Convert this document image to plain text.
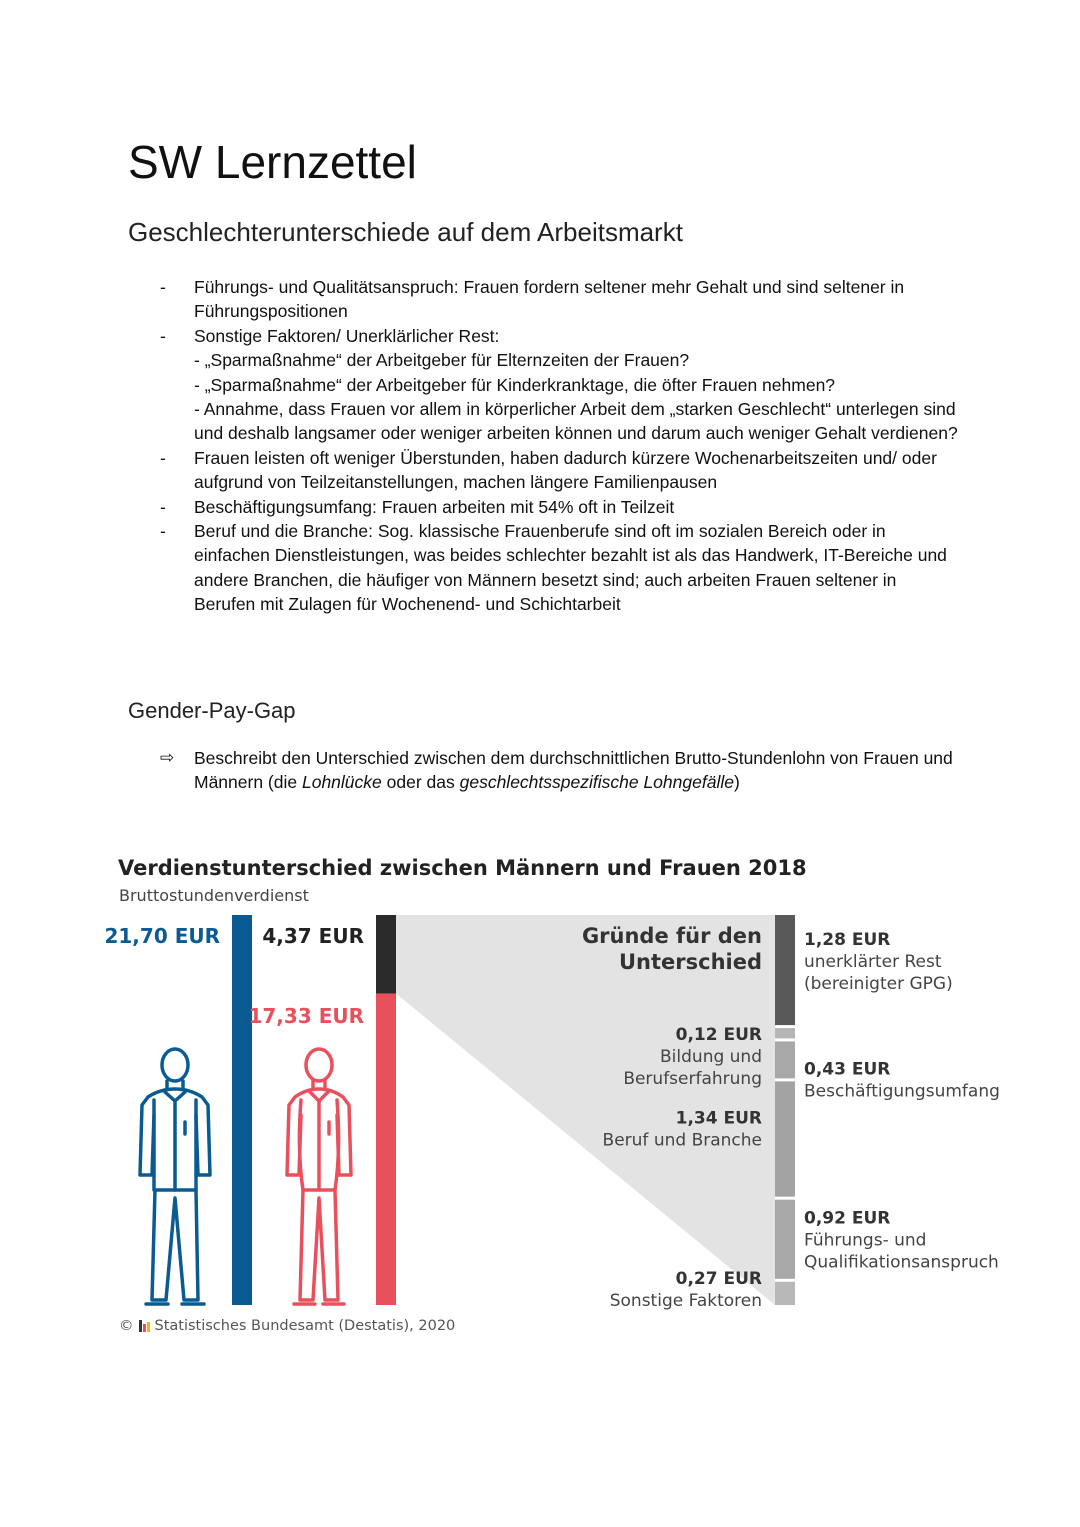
SW Lernzettel
Geschlechterunterschiede auf dem Arbeitsmarkt
- Führungs- und Qualitätsanspruch: Frauen fordern seltener mehr Gehalt und sind seltener in Führungspositionen
- Sonstige Faktoren/ Unerklärlicher Rest:
- „Sparmaßnahme“ der Arbeitgeber für Elternzeiten der Frauen?
- „Sparmaßnahme“ der Arbeitgeber für Kinderkranktage, die öfter Frauen nehmen?
- Annahme, dass Frauen vor allem in körperlicher Arbeit dem „starken Geschlecht“ unterlegen sind und deshalb langsamer oder weniger arbeiten können und darum auch weniger Gehalt verdienen?
- Frauen leisten oft weniger Überstunden, haben dadurch kürzere Wochenarbeitszeiten und/ oder aufgrund von Teilzeitanstellungen, machen längere Familienpausen
- Beschäftigungsumfang: Frauen arbeiten mit 54% oft in Teilzeit
- Beruf und die Branche: Sog. klassische Frauenberufe sind oft im sozialen Bereich oder in einfachen Dienstleistungen, was beides schlechter bezahlt ist als das Handwerk, IT-Bereiche und andere Branchen, die häufiger von Männern besetzt sind; auch arbeiten Frauen seltener in Berufen mit Zulagen für Wochenend- und Schichtarbeit
Gender-Pay-Gap
⇨ Beschreibt den Unterschied zwischen dem durchschnittlichen Brutto-Stundenlohn von Frauen und Männern (die Lohnlücke oder das geschlechtsspezifische Lohngefälle)
Verdienstunterschied zwischen Männern und Frauen 2018

Bruttostundenverdienst

21,70 EUR 4,37 EUR
17,33 EUR
Gründe für den
Unterschied
1,28 EUR
unerklärter Rest
(bereinigter GPG)
0,12 EUR
Bildung und
Berufserfahrung 0,43 EUR
Beschäftigungsumfang
1,34 EUR
Beruf und Branche
0,92 EUR
Führungs- und
Qualifikationsanspruch
0,27 EUR
Sonstige Faktoren
© Statistisches Bundesamt (Destatis), 2020
